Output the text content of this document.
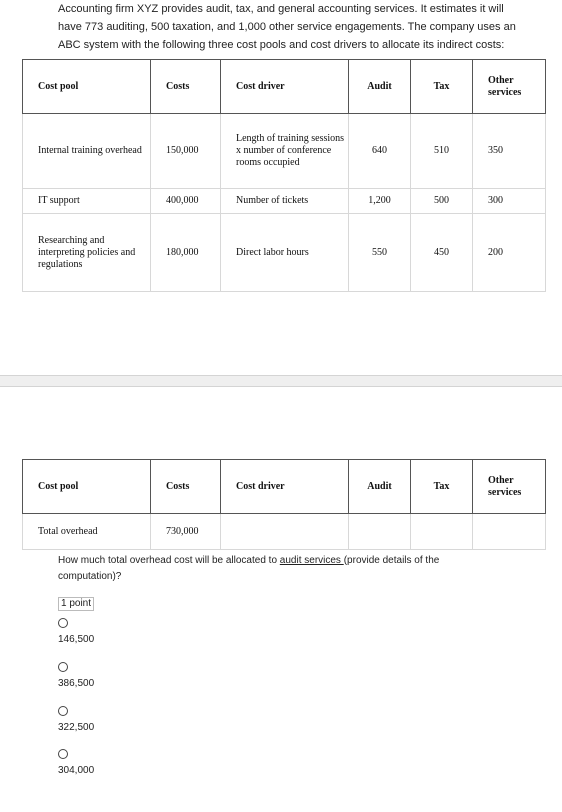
Accounting firm XYZ provides audit, tax, and general accounting services. It estimates it will have 773 auditing, 500 taxation, and 1,000 other service engagements. The company uses an ABC system with the following three cost pools and cost drivers to allocate its indirect costs:
Cost pool	Costs	Cost driver	Audit	Tax	Other services
Internal training overhead	150,000	Length of training sessions x number of conference rooms occupied	640	510	350
IT support	400,000	Number of tickets	1,200	500	300
Researching and interpreting policies and regulations	180,000	Direct labor hours	550	450	200
Cost pool	Costs	Cost driver	Audit	Tax	Other services
Total overhead	730,000				
How much total overhead cost will be allocated to audit services (provide details of the computation)?
1 point
146,500
386,500
322,500
304,000
